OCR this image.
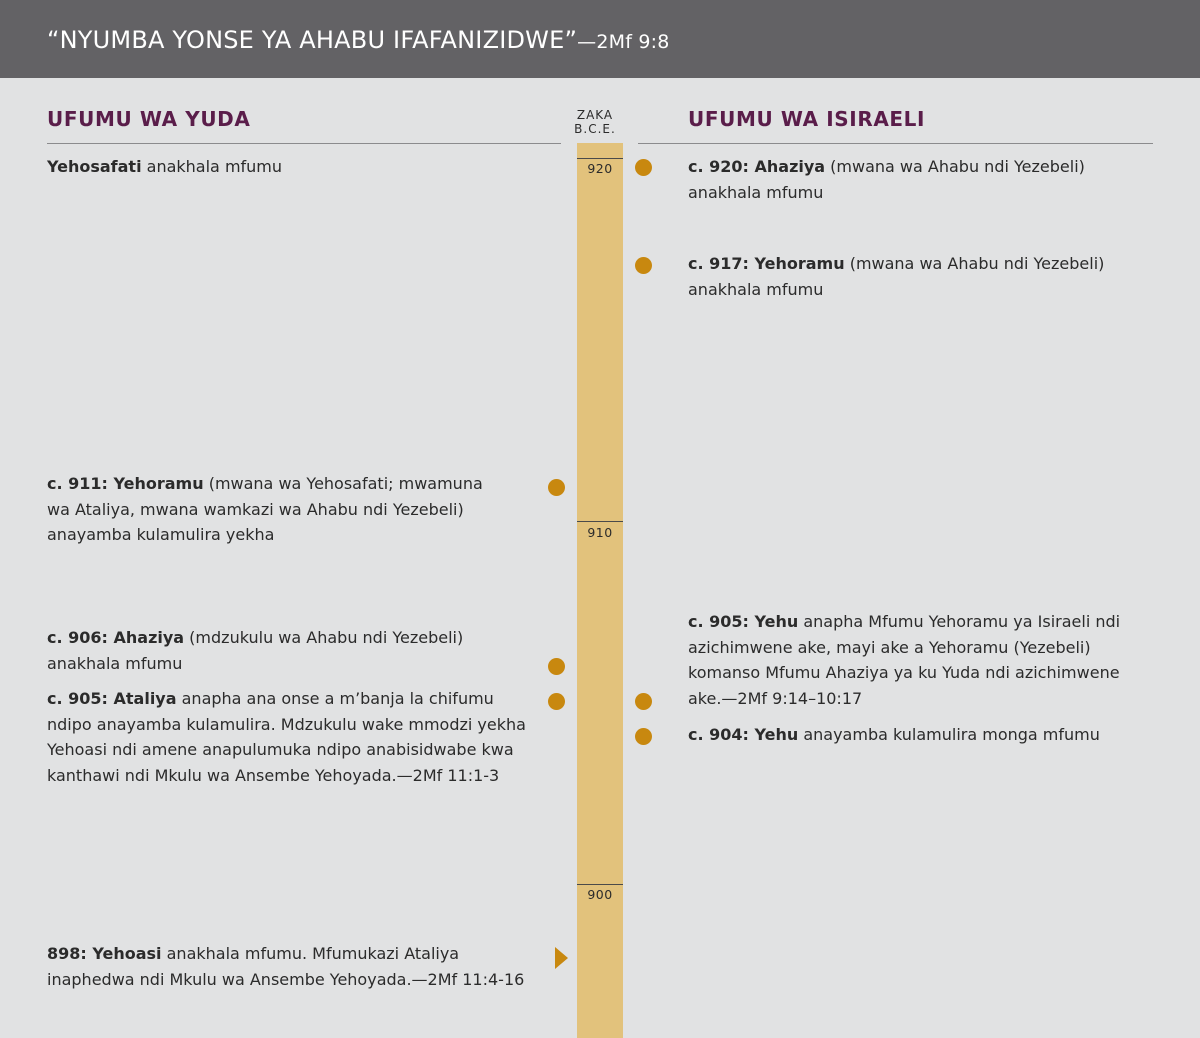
“NYUMBA YONSE YA AHABU IFAFANIZIDWE”—2Mf 9:8
UFUMU WA YUDA	UFUMU WA ISIRAELI
ZAKA
B.C.E.
920
910
900
Yehosafati anakhala mfumu
c. 911: Yehoramu (mwana wa Yehosafati; mwamuna wa Ataliya, mwana wamkazi wa Ahabu ndi Yezebeli) anayamba kulamulira yekha
c. 906: Ahaziya (mdzukulu wa Ahabu ndi Yezebeli) anakhala mfumu
c. 905: Ataliya anapha ana onse a m’banja la chifumu ndipo anayamba kulamulira. Mdzukulu wake mmodzi yekha Yehoasi ndi amene anapulumuka ndipo anabisidwabe kwa kanthawi ndi Mkulu wa Ansembe Yehoyada.—2Mf 11:1-3
898: Yehoasi anakhala mfumu. Mfumukazi Ataliya inaphedwa ndi Mkulu wa Ansembe Yehoyada.—2Mf 11:4-16
c. 920: Ahaziya (mwana wa Ahabu ndi Yezebeli) anakhala mfumu
c. 917: Yehoramu (mwana wa Ahabu ndi Yezebeli) anakhala mfumu
c. 905: Yehu anapha Mfumu Yehoramu ya Isiraeli ndi azichimwene ake, mayi ake a Yehoramu (Yezebeli) komanso Mfumu Ahaziya ya ku Yuda ndi azichimwene ake.—2Mf 9:14–10:17
c. 904: Yehu anayamba kulamulira monga mfumu
